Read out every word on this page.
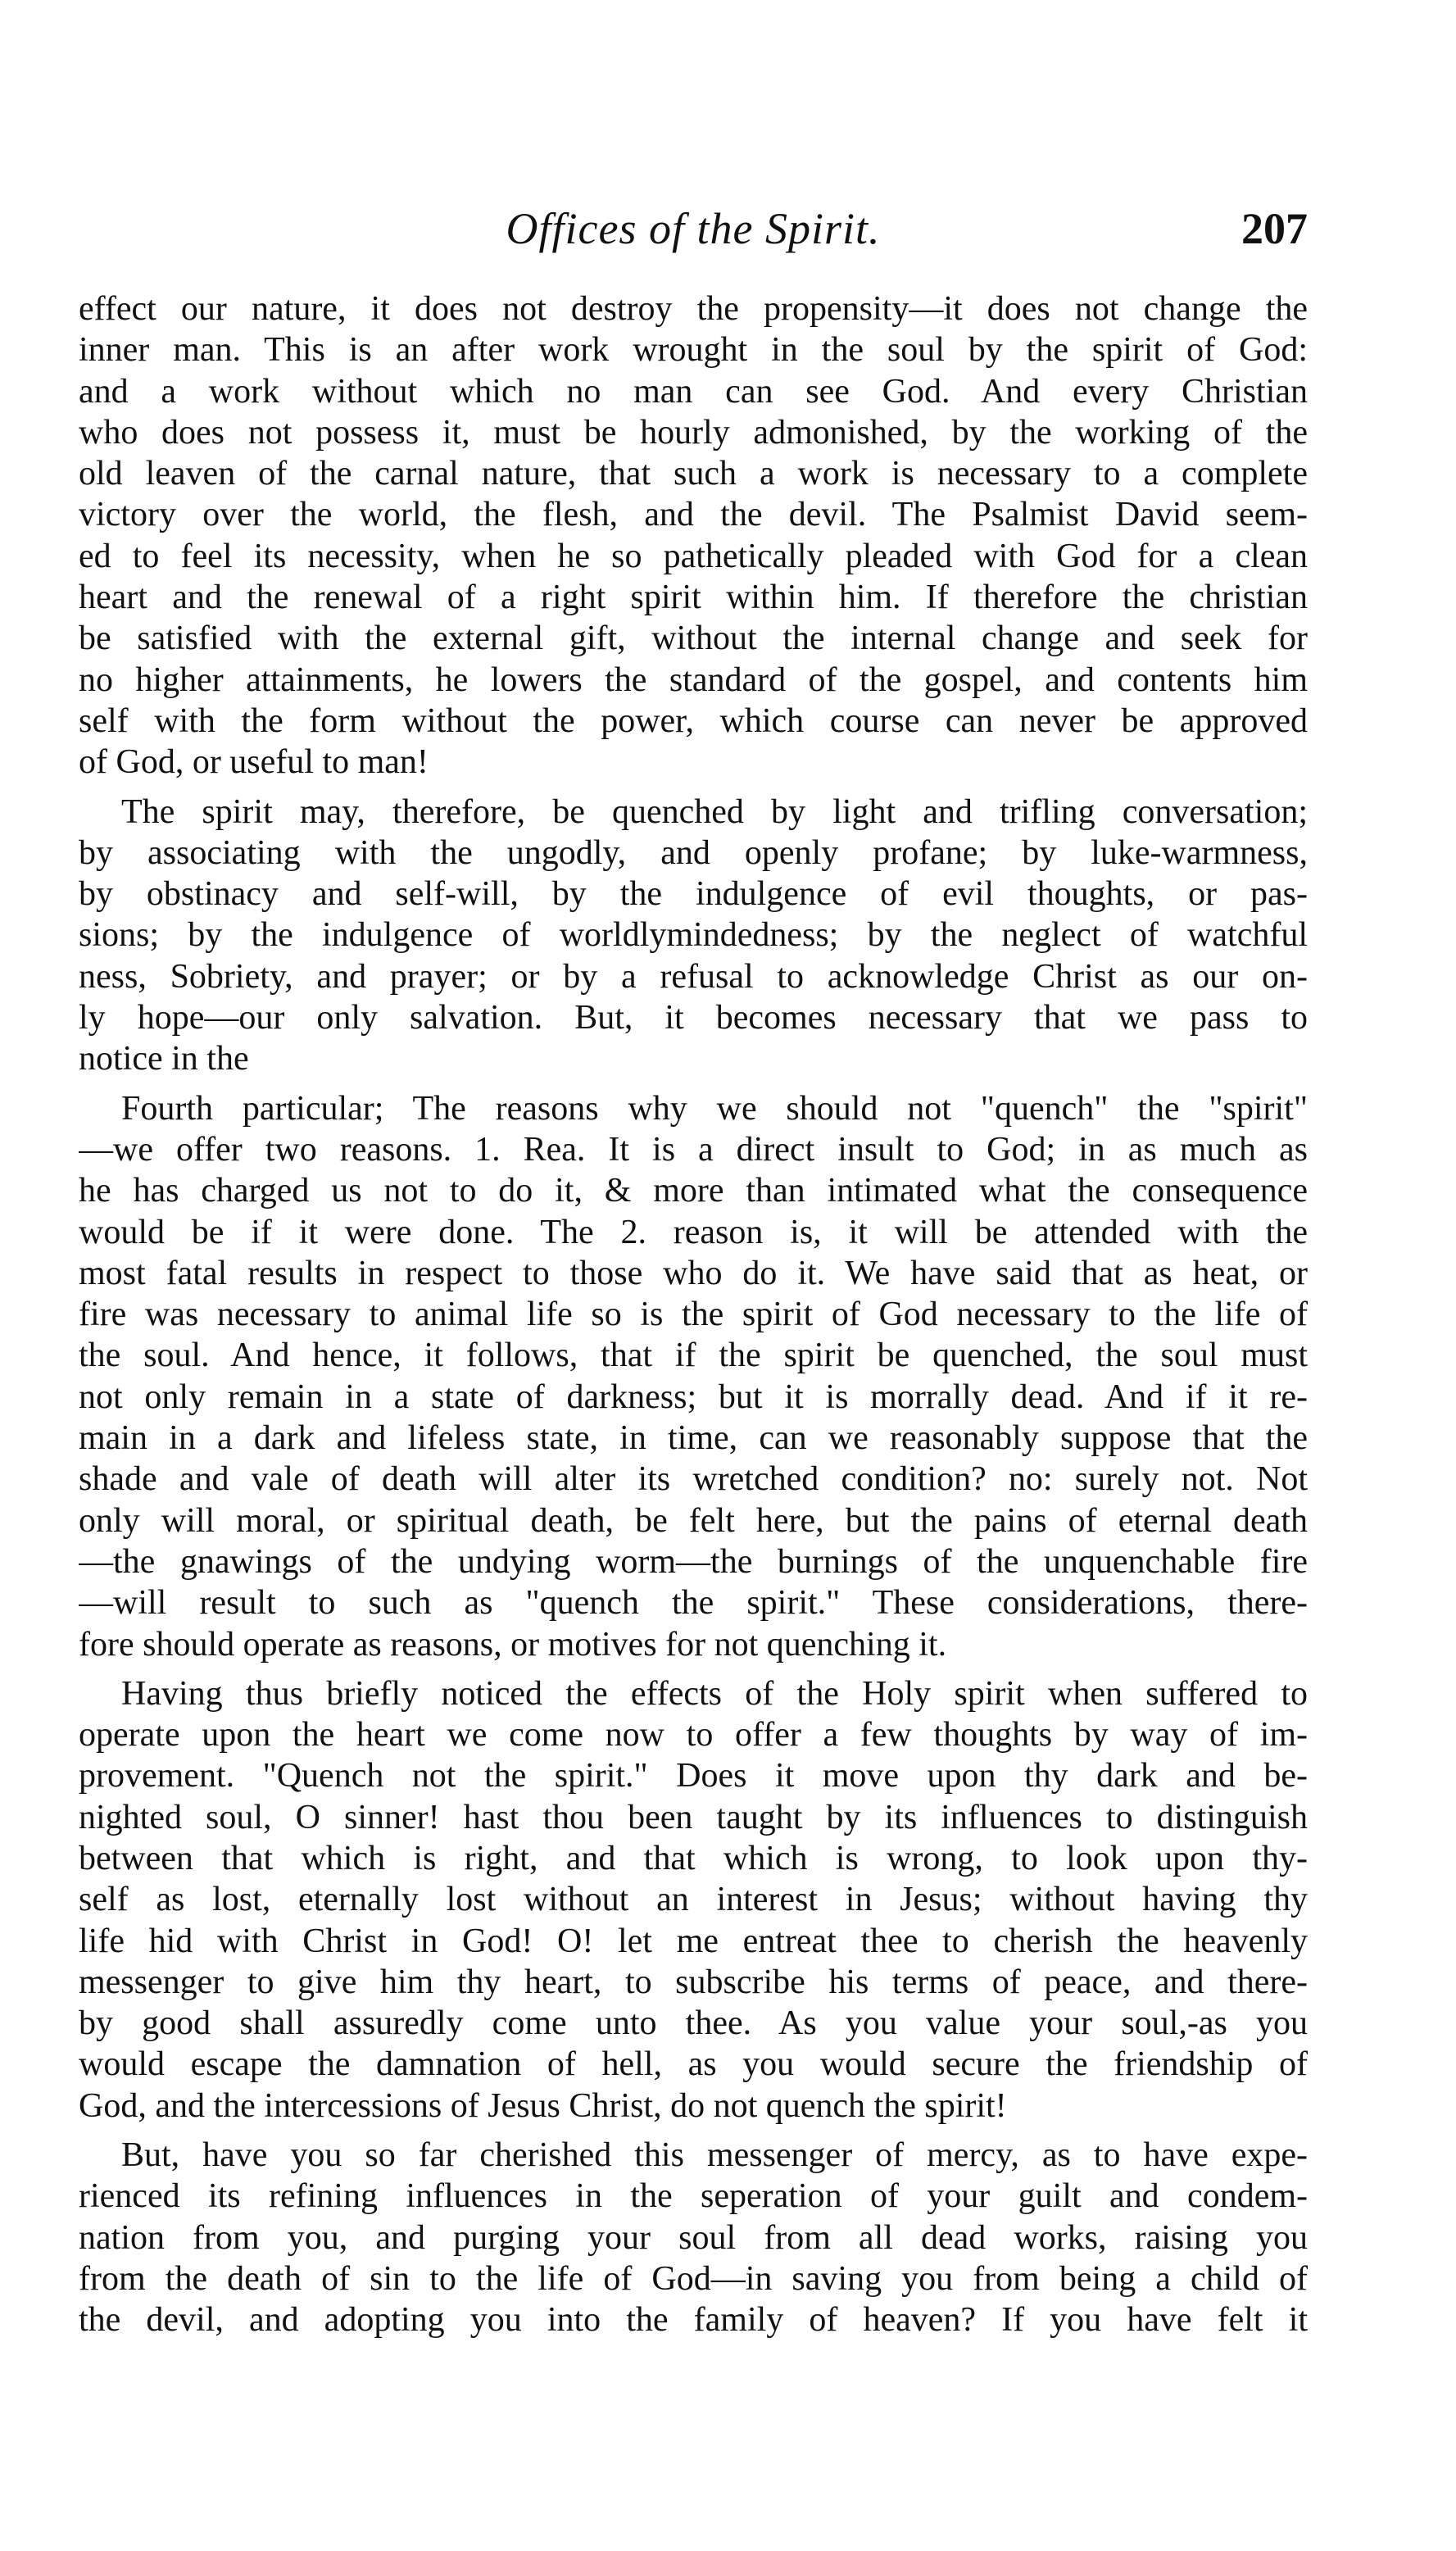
Offices of the Spirit.	207
effect our nature, it does not destroy the propensity—it does not change the
inner man. This is an after work wrought in the soul by the spirit of God:
and a work without which no man can see God. And every Christian
who does not possess it, must be hourly admonished, by the working of the
old leaven of the carnal nature, that such a work is necessary to a complete
victory over the world, the flesh, and the devil. The Psalmist David seem-
ed to feel its necessity, when he so pathetically pleaded with God for a clean
heart and the renewal of a right spirit within him. If therefore the christian
be satisfied with the external gift, without the internal change and seek for
no higher attainments, he lowers the standard of the gospel, and contents him
self with the form without the power, which course can never be approved
of God, or useful to man!
The spirit may, therefore, be quenched by light and trifling conversation;
by associating with the ungodly, and openly profane; by luke-warmness,
by obstinacy and self-will, by the indulgence of evil thoughts, or pas-
sions; by the indulgence of worldlymindedness; by the neglect of watchful
ness, Sobriety, and prayer; or by a refusal to acknowledge Christ as our on-
ly hope—our only salvation. But, it becomes necessary that we pass to
notice in the
Fourth particular; The reasons why we should not "quench" the "spirit"
—we offer two reasons. 1. Rea. It is a direct insult to God; in as much as
he has charged us not to do it, & more than intimated what the consequence
would be if it were done. The 2. reason is, it will be attended with the
most fatal results in respect to those who do it. We have said that as heat, or
fire was necessary to animal life so is the spirit of God necessary to the life of
the soul. And hence, it follows, that if the spirit be quenched, the soul must
not only remain in a state of darkness; but it is morrally dead. And if it re-
main in a dark and lifeless state, in time, can we reasonably suppose that the
shade and vale of death will alter its wretched condition? no: surely not. Not
only will moral, or spiritual death, be felt here, but the pains of eternal death
—the gnawings of the undying worm—the burnings of the unquenchable fire
—will result to such as "quench the spirit." These considerations, there-
fore should operate as reasons, or motives for not quenching it.
Having thus briefly noticed the effects of the Holy spirit when suffered to
operate upon the heart we come now to offer a few thoughts by way of im-
provement. "Quench not the spirit." Does it move upon thy dark and be-
nighted soul, O sinner! hast thou been taught by its influences to distinguish
between that which is right, and that which is wrong, to look upon thy-
self as lost, eternally lost without an interest in Jesus; without having thy
life hid with Christ in God! O! let me entreat thee to cherish the heavenly
messenger to give him thy heart, to subscribe his terms of peace, and there-
by good shall assuredly come unto thee. As you value your soul,-as you
would escape the damnation of hell, as you would secure the friendship of
God, and the intercessions of Jesus Christ, do not quench the spirit!
But, have you so far cherished this messenger of mercy, as to have expe-
rienced its refining influences in the seperation of your guilt and condem-
nation from you, and purging your soul from all dead works, raising you
from the death of sin to the life of God—in saving you from being a child of
the devil, and adopting you into the family of heaven? If you have felt it
